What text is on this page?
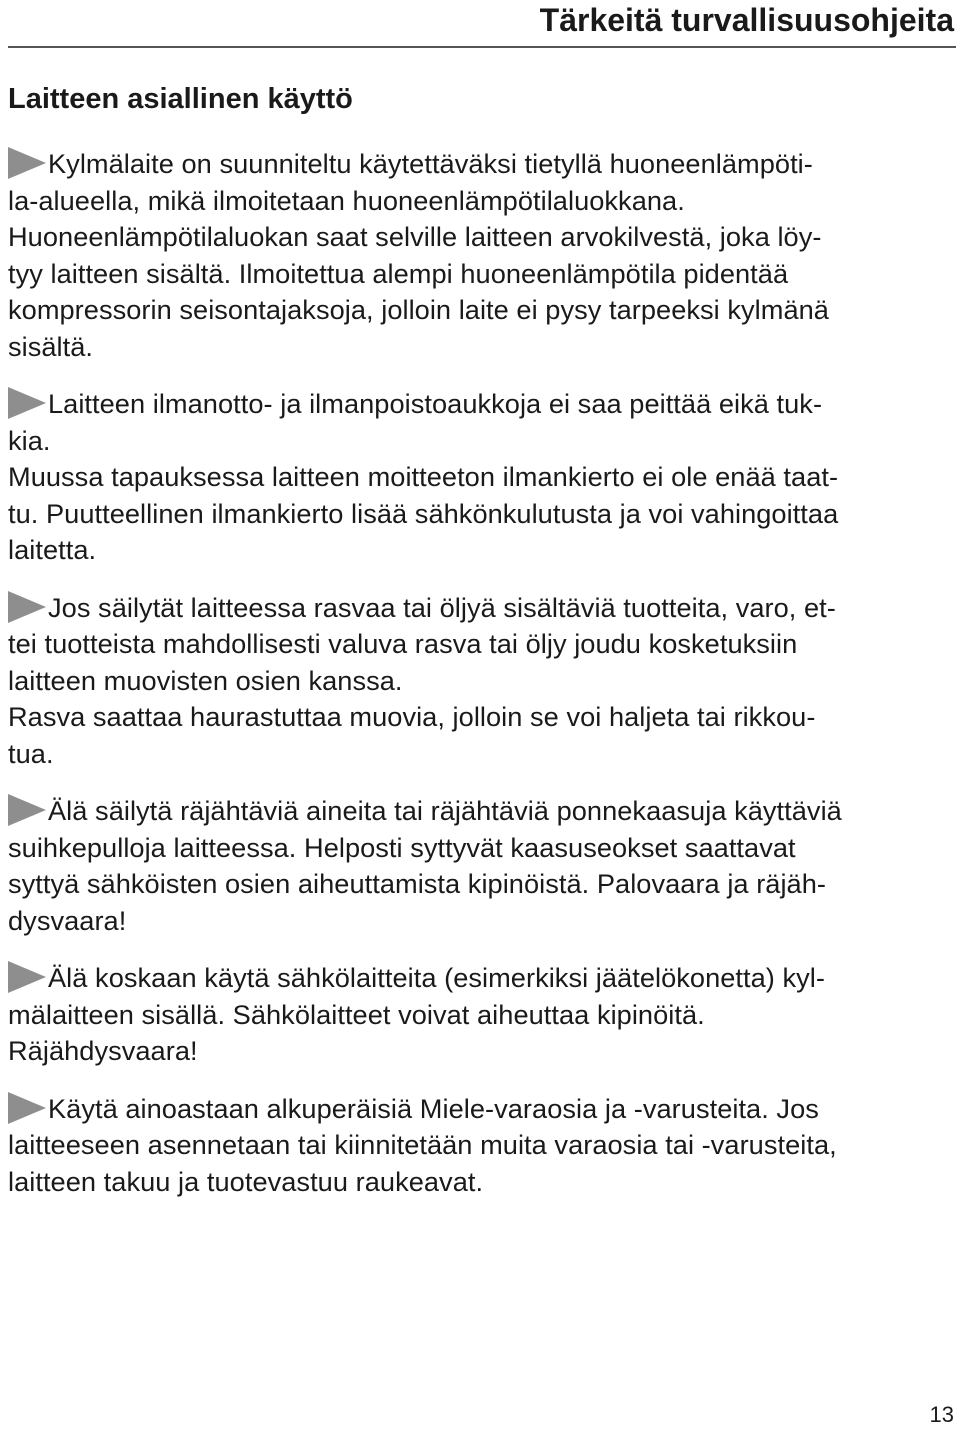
Tärkeitä turvallisuusohjeita
Laitteen asiallinen käyttö
Kylmälaite on suunniteltu käytettäväksi tietyllä huoneenlämpöti-
la-alueella, mikä ilmoitetaan huoneenlämpötilaluokkana.
Huoneenlämpötilaluokan saat selville laitteen arvokilvestä, joka löy-
tyy laitteen sisältä. Ilmoitettua alempi huoneenlämpötila pidentää
kompressorin seisontajaksoja, jolloin laite ei pysy tarpeeksi kylmänä
sisältä.
Laitteen ilmanotto- ja ilmanpoistoaukkoja ei saa peittää eikä tuk-
kia.
Muussa tapauksessa laitteen moitteeton ilmankierto ei ole enää taat-
tu. Puutteellinen ilmankierto lisää sähkönkulutusta ja voi vahingoittaa
laitetta.
Jos säilytät laitteessa rasvaa tai öljyä sisältäviä tuotteita, varo, et-
tei tuotteista mahdollisesti valuva rasva tai öljy joudu kosketuksiin
laitteen muovisten osien kanssa.
Rasva saattaa haurastuttaa muovia, jolloin se voi haljeta tai rikkou-
tua.
Älä säilytä räjähtäviä aineita tai räjähtäviä ponnekaasuja käyttäviä
suihkepulloja laitteessa. Helposti syttyvät kaasuseokset saattavat
syttyä sähköisten osien aiheuttamista kipinöistä. Palovaara ja räjäh-
dysvaara!
Älä koskaan käytä sähkölaitteita (esimerkiksi jäätelökonetta) kyl-
mälaitteen sisällä. Sähkölaitteet voivat aiheuttaa kipinöitä.
Räjähdysvaara!
Käytä ainoastaan alkuperäisiä Miele-varaosia ja -varusteita. Jos
laitteeseen asennetaan tai kiinnitetään muita varaosia tai -varusteita,
laitteen takuu ja tuotevastuu raukeavat.
13
